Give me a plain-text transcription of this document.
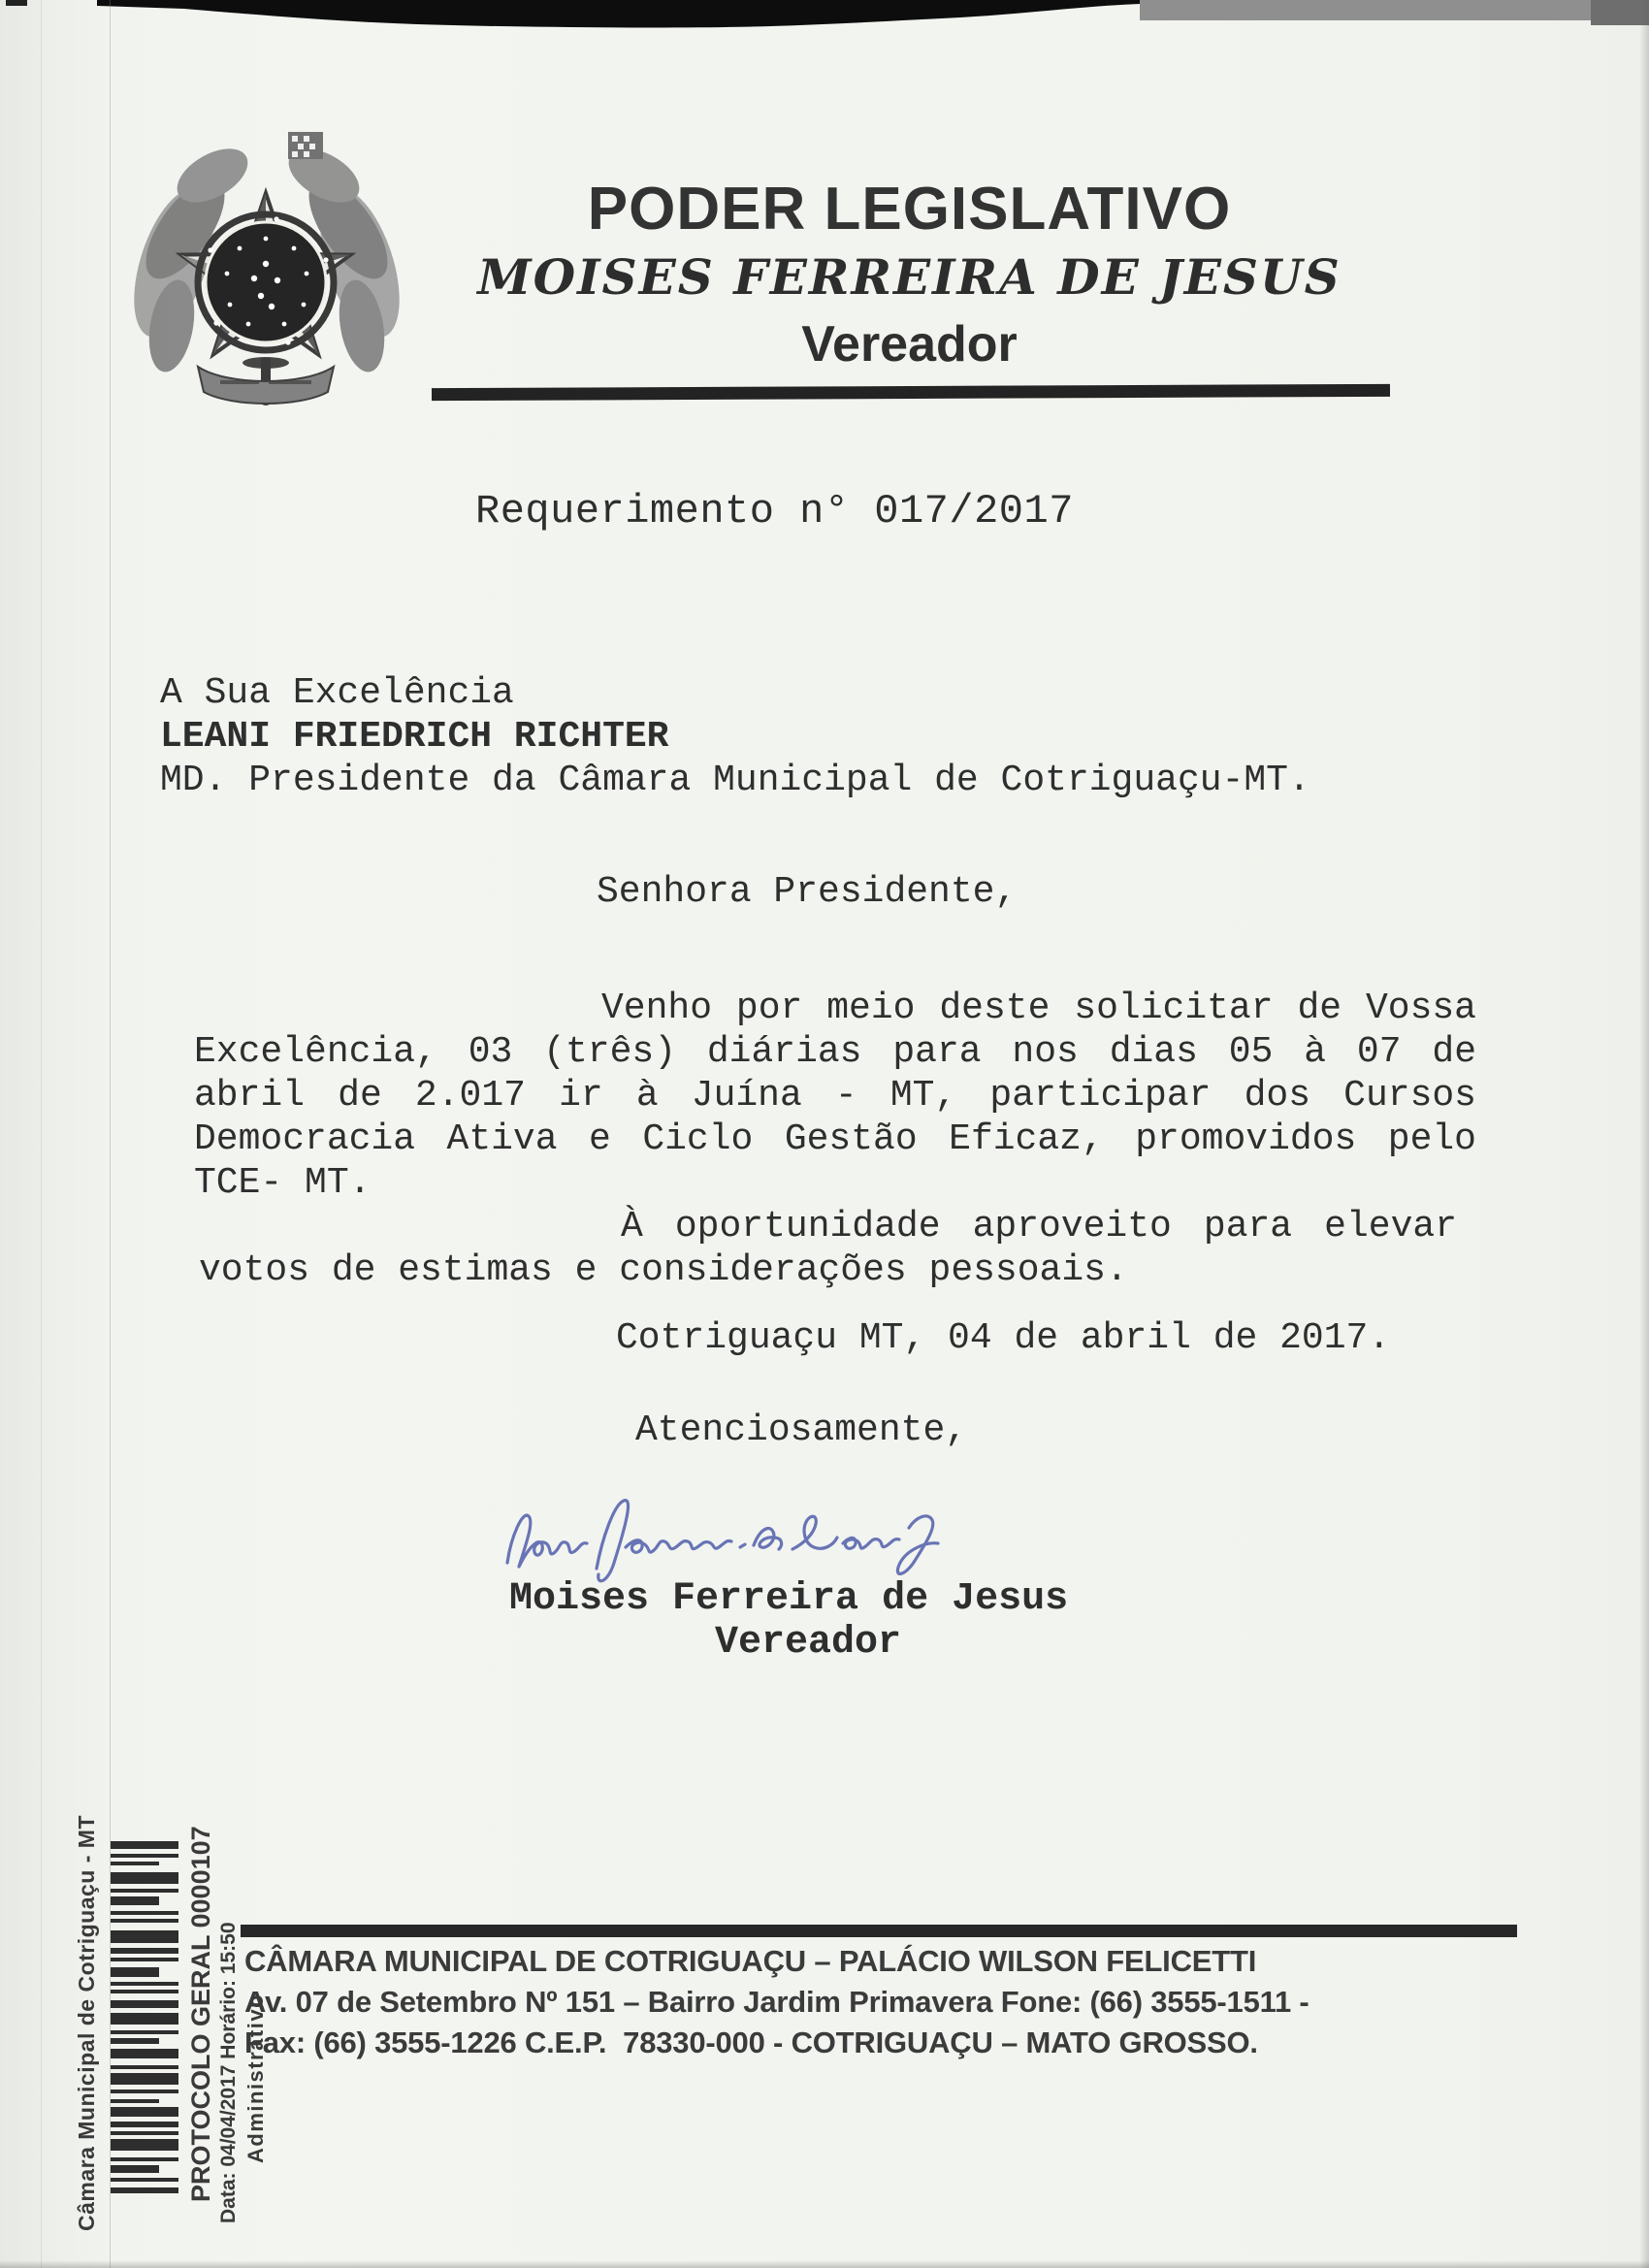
PODER LEGISLATIVO
MOISES FERREIRA DE JESUS
Vereador
Requerimento n° 017/2017
A Sua Excelência
LEANI FRIEDRICH RICHTER
MD. Presidente da Câmara Municipal de Cotriguaçu-MT.
Senhora Presidente,
Venho por meio deste solicitar de Vossa
Excelência, 03 (três) diárias para nos dias 05 à 07 de
abril de 2.017 ir à Juína - MT, participar dos Cursos
Democracia Ativa e Ciclo Gestão Eficaz, promovidos pelo
TCE- MT.
À oportunidade aproveito para elevar
votos de estimas e considerações pessoais.
Cotriguaçu MT, 04 de abril de 2017.
Atenciosamente,
Moises Ferreira de Jesus
Vereador
CÂMARA MUNICIPAL DE COTRIGUAÇU – PALÁCIO WILSON FELICETTI
Av. 07 de Setembro Nº 151 – Bairro Jardim Primavera Fone: (66) 3555-1511 -
Fax: (66) 3555-1226 C.E.P.  78330-000 - COTRIGUAÇU – MATO GROSSO.
Câmara Municipal de Cotriguaçu - MT	PROTOCOLO GERAL 0000107 Data: 04/04/2017 Horário: 15:50 Administrativo
